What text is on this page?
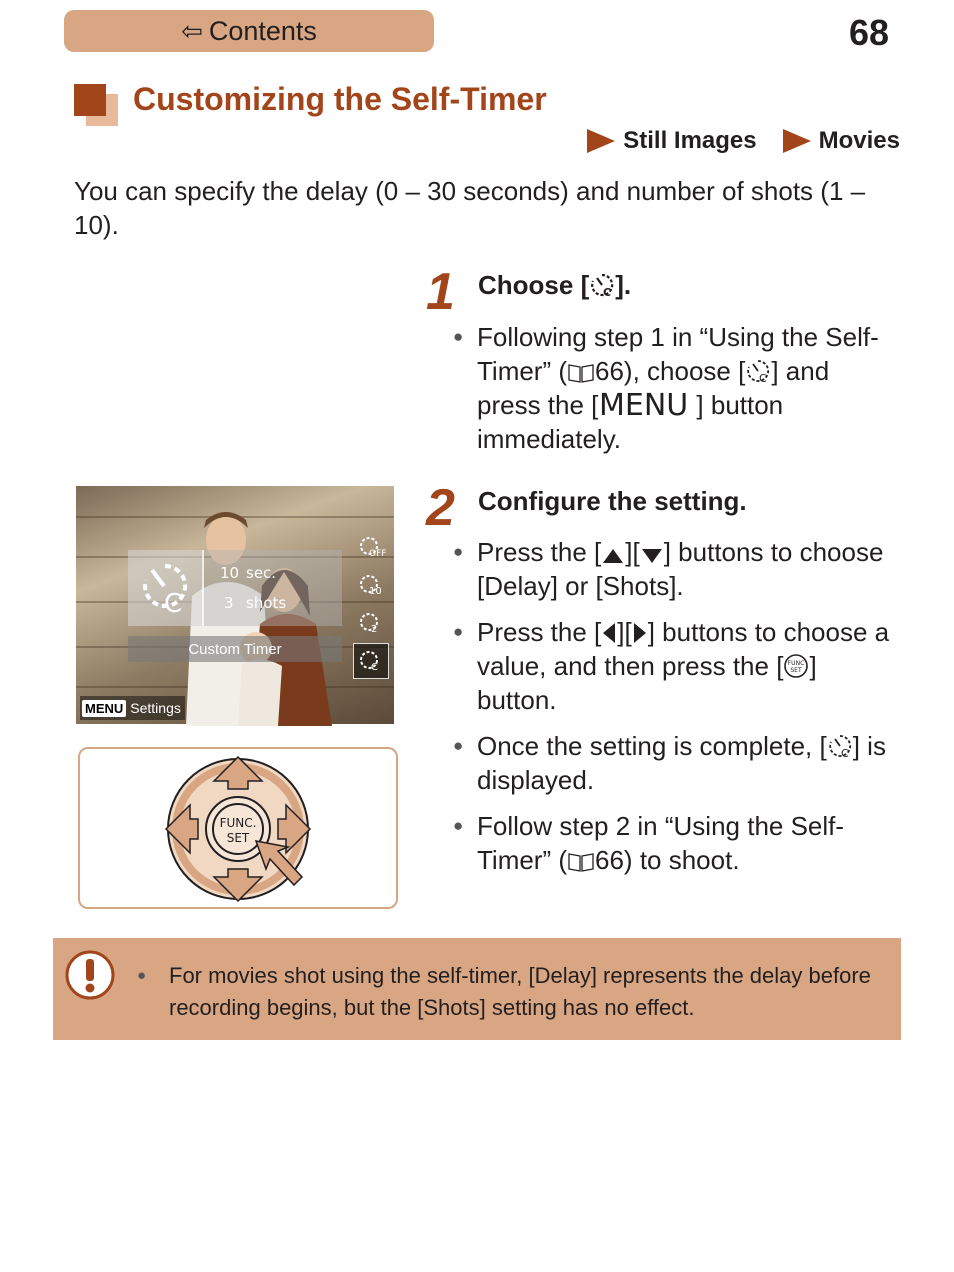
⇦ Contents	68
Customizing the Self-Timer
Still Images	Movies
You can specify the delay (0 – 30 seconds) and number of shots (1 – 10).
1 Choose [ C ].
● Following step 1 in “Using the Self-Timer” ( 66), choose [ C ] and press the [ MENU ] button immediately.
2 Configure the setting.
● Press the [ ][ ] buttons to choose [Delay] or [Shots].
● Press the [ ][ ] buttons to choose a value, and then press the [ FUNC
SET ] button.
● Once the setting is complete, [ C ] is displayed.
● Follow step 2 in “Using the Self-Timer” ( 66) to shoot.
C
10 sec.
3 shots
Custom Timer
OFF
10
2
C
MENU Settings
FUNC.
SET
●	For movies shot using the self-timer, [Delay] represents the delay before recording begins, but the [Shots] setting has no effect.
